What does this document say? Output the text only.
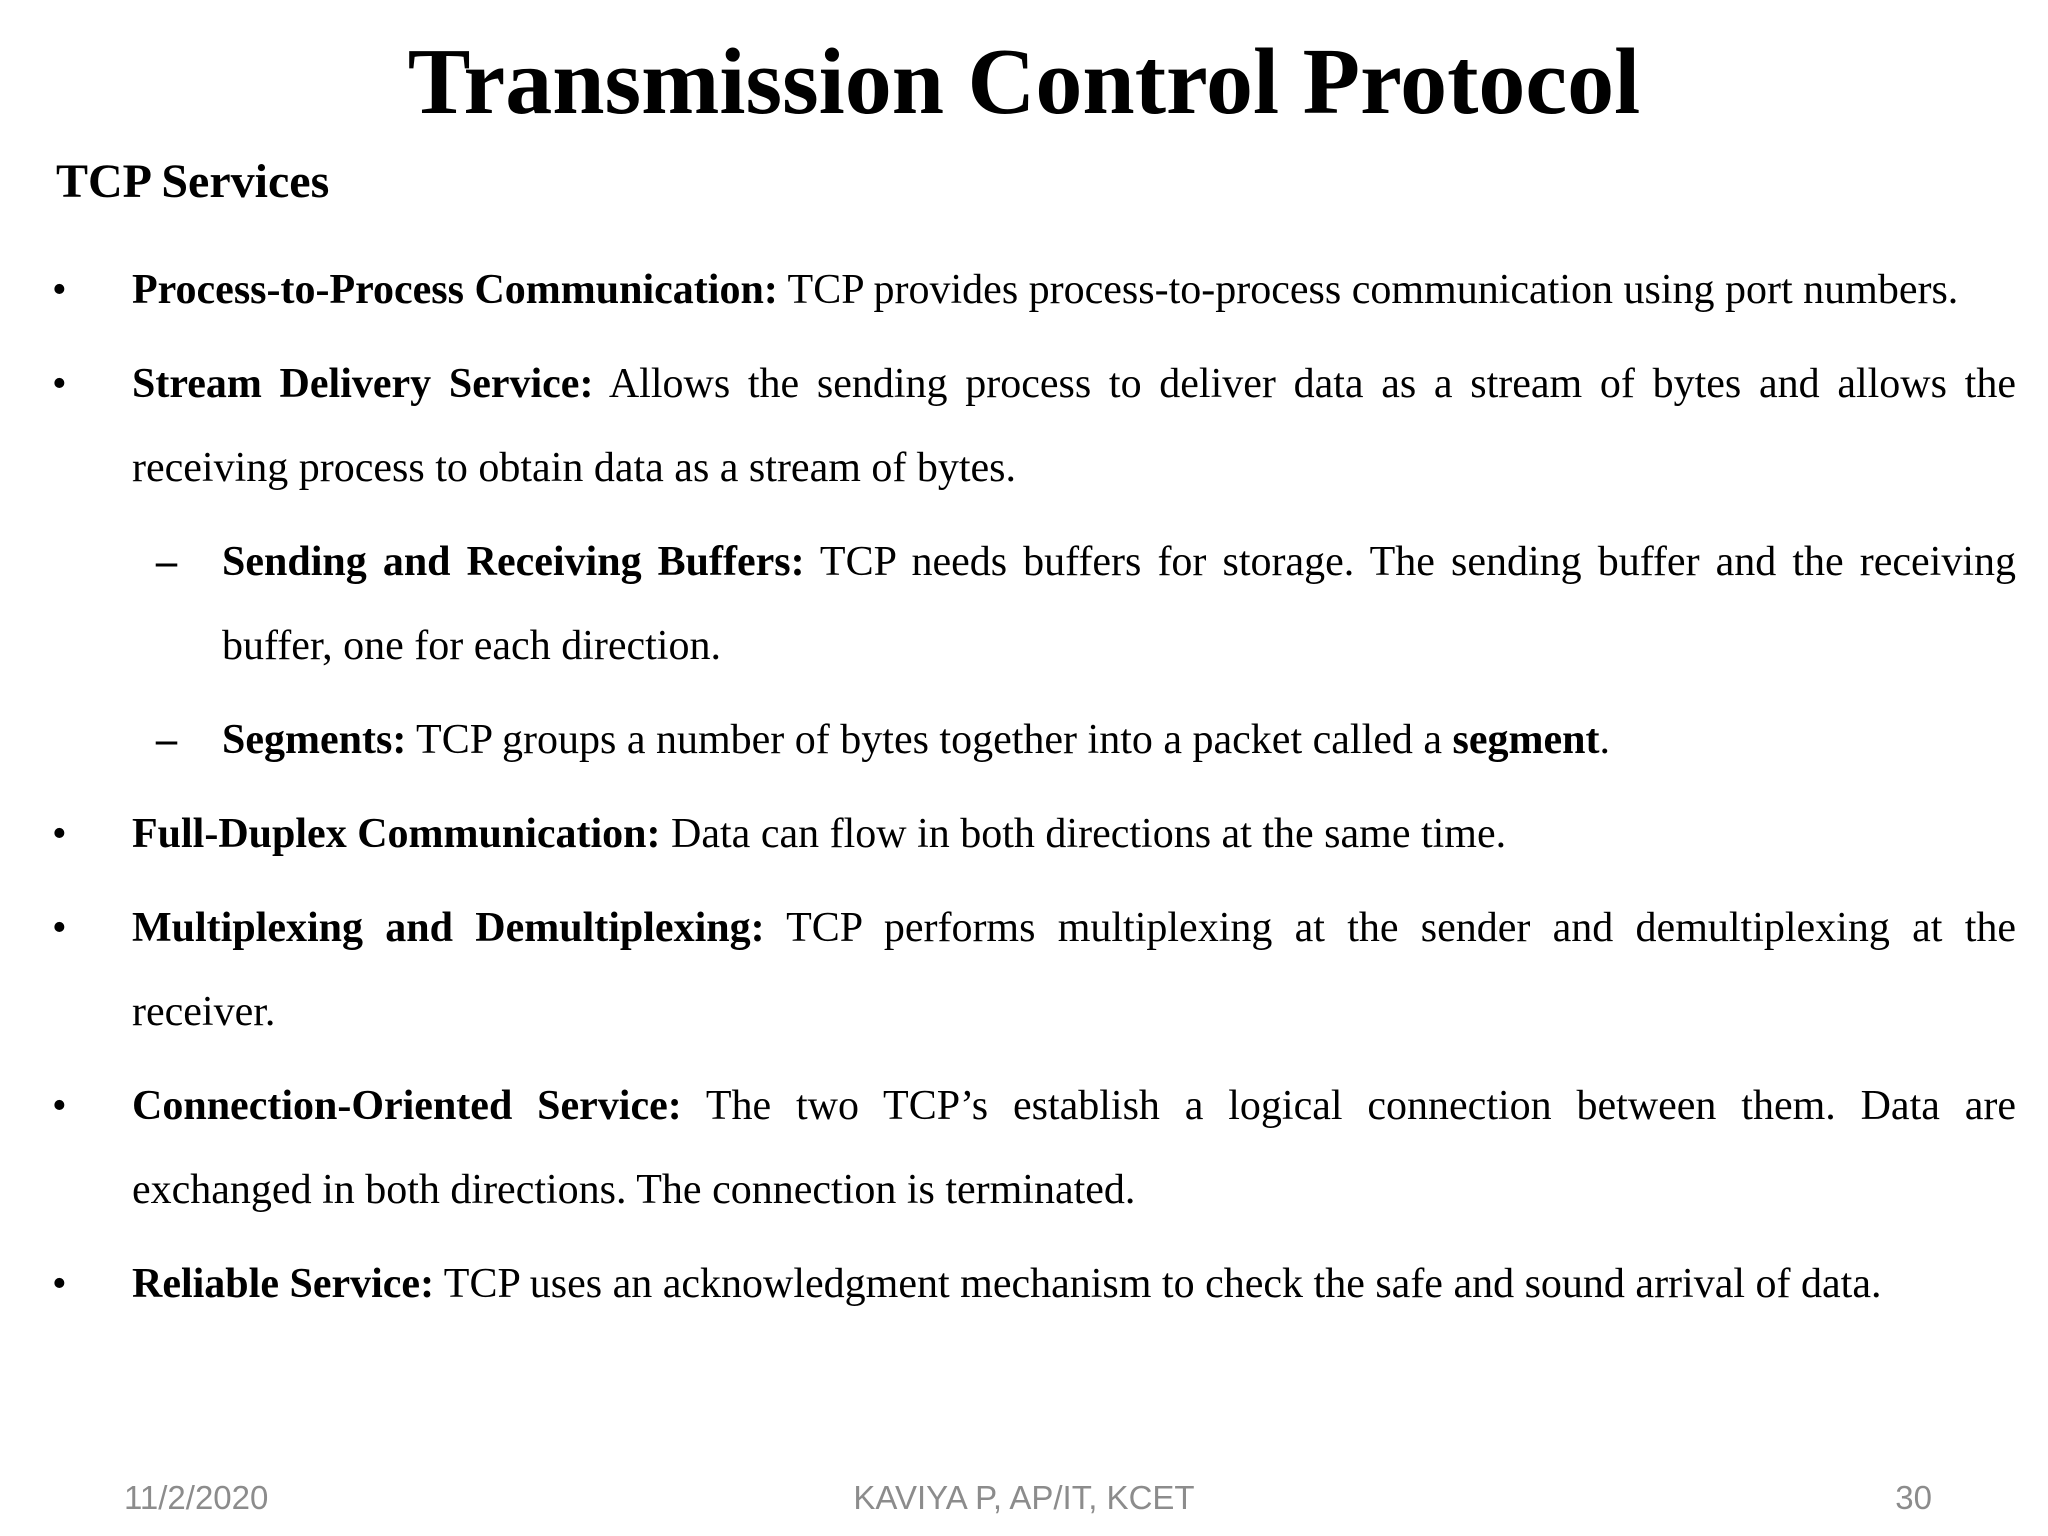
Transmission Control Protocol
TCP Services
• Process-to-Process Communication: TCP provides process-to-process communication using port numbers.
• Stream Delivery Service: Allows the sending process to deliver data as a stream of bytes and allows the receiving process to obtain data as a stream of bytes.
– Sending and Receiving Buffers: TCP needs buffers for storage. The sending buffer and the receiving buffer, one for each direction.
– Segments: TCP groups a number of bytes together into a packet called a segment.
• Full-Duplex Communication: Data can flow in both directions at the same time.
• Multiplexing and Demultiplexing: TCP performs multiplexing at the sender and demultiplexing at the receiver.
• Connection-Oriented Service: The two TCP’s establish a logical connection between them. Data are exchanged in both directions. The connection is terminated.
• Reliable Service: TCP uses an acknowledgment mechanism to check the safe and sound arrival of data.
11/2/2020	KAVIYA P, AP/IT, KCET	30
